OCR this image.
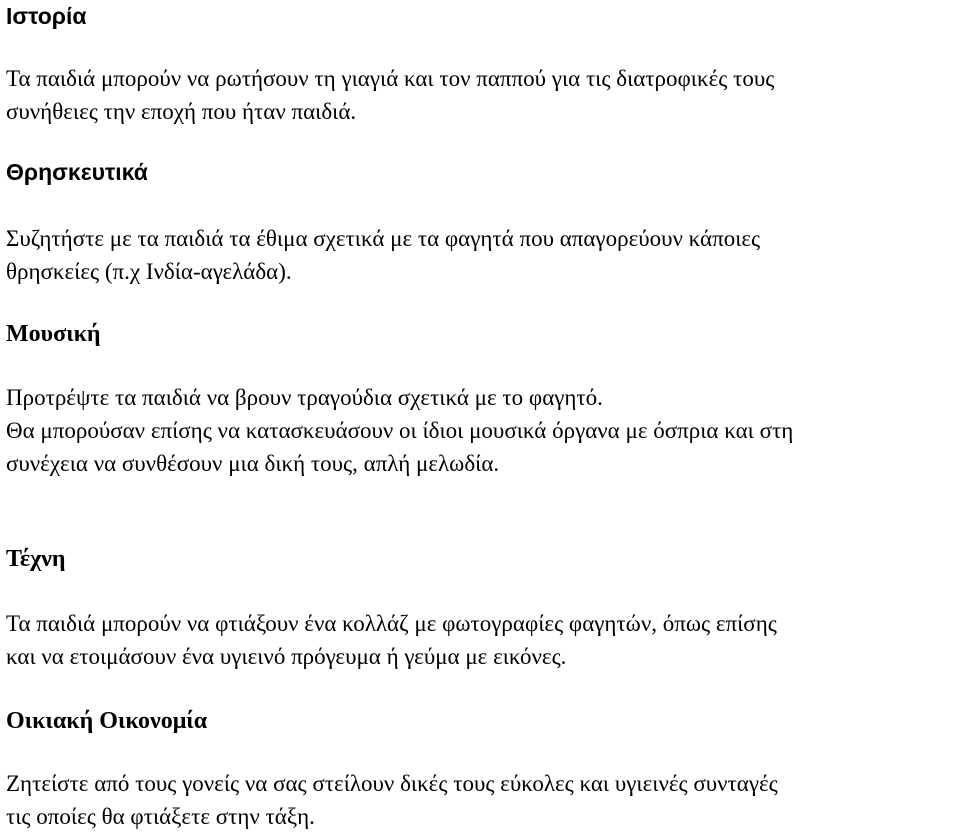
Ιστορία

Τα παιδιά μπορούν να ρωτήσουν τη γιαγιά και τον παππού για τις διατροφικές τους
συνήθειες την εποχή που ήταν παιδιά.

Θρησκευτικά

Συζητήστε με τα παιδιά τα έθιμα σχετικά με τα φαγητά που απαγορεύουν κάποιες
θρησκείες (π.χ Ινδία-αγελάδα).

Μουσική

Προτρέψτε τα παιδιά να βρουν τραγούδια σχετικά με το φαγητό.
Θα μπορούσαν επίσης να κατασκευάσουν οι ίδιοι μουσικά όργανα με όσπρια και στη
συνέχεια να συνθέσουν μια δική τους, απλή μελωδία.

Τέχνη

Τα παιδιά μπορούν να φτιάξουν ένα κολλάζ με φωτογραφίες φαγητών, όπως επίσης
και να ετοιμάσουν ένα υγιεινό πρόγευμα ή γεύμα με εικόνες.

Οικιακή Οικονομία

Ζητείστε από τους γονείς να σας στείλουν δικές τους εύκολες και υγιεινές συνταγές
τις οποίες θα φτιάξετε στην τάξη.
